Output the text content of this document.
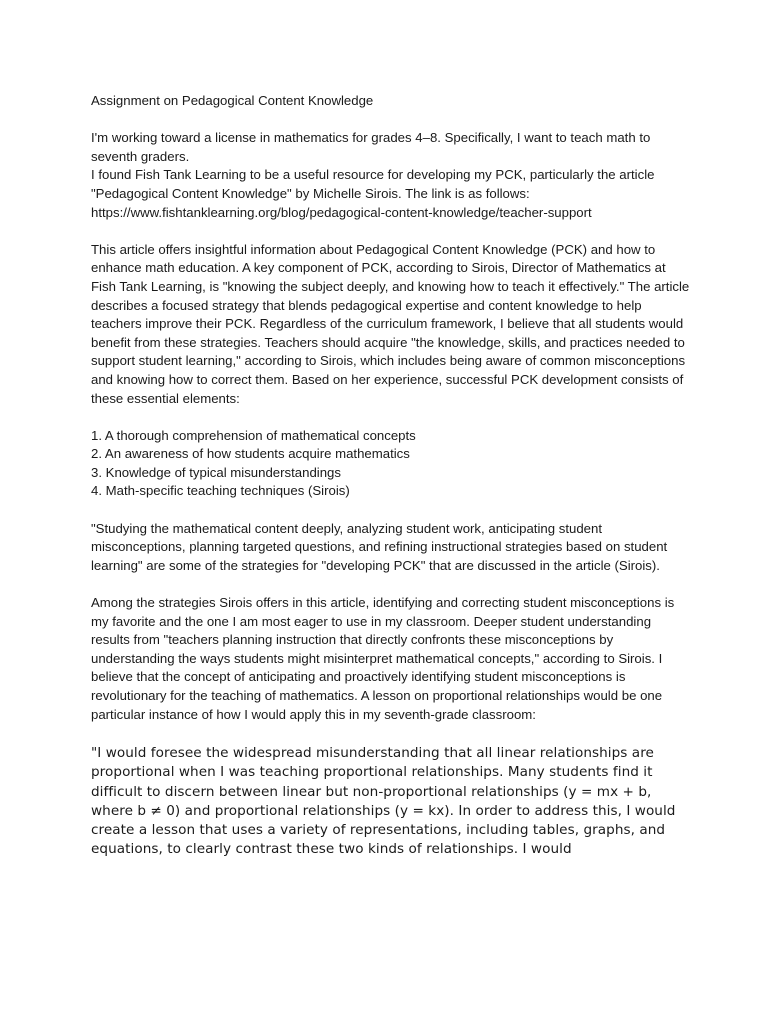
Assignment on Pedagogical Content Knowledge

I'm working toward a license in mathematics for grades 4–8. Specifically, I want to teach math to seventh graders.

I found Fish Tank Learning to be a useful resource for developing my PCK, particularly the article "Pedagogical Content Knowledge" by Michelle Sirois. The link is as follows:

https://www.fishtanklearning.org/blog/pedagogical-content-knowledge/teacher-support

This article offers insightful information about Pedagogical Content Knowledge (PCK) and how to enhance math education. A key component of PCK, according to Sirois, Director of Mathematics at Fish Tank Learning, is "knowing the subject deeply, and knowing how to teach it effectively." The article describes a focused strategy that blends pedagogical expertise and content knowledge to help teachers improve their PCK. Regardless of the curriculum framework, I believe that all students would benefit from these strategies. Teachers should acquire "the knowledge, skills, and practices needed to support student learning," according to Sirois, which includes being aware of common misconceptions and knowing how to correct them. Based on her experience, successful PCK development consists of these essential elements:

1. A thorough comprehension of mathematical concepts

2. An awareness of how students acquire mathematics

3. Knowledge of typical misunderstandings

4. Math-specific teaching techniques (Sirois)

"Studying the mathematical content deeply, analyzing student work, anticipating student misconceptions, planning targeted questions, and refining instructional strategies based on student learning" are some of the strategies for "developing PCK" that are discussed in the article (Sirois).

Among the strategies Sirois offers in this article, identifying and correcting student misconceptions is my favorite and the one I am most eager to use in my classroom. Deeper student understanding results from "teachers planning instruction that directly confronts these misconceptions by understanding the ways students might misinterpret mathematical concepts," according to Sirois. I believe that the concept of anticipating and proactively identifying student misconceptions is revolutionary for the teaching of mathematics. A lesson on proportional relationships would be one particular instance of how I would apply this in my seventh-grade classroom:

"I would foresee the widespread misunderstanding that all linear relationships are proportional when I was teaching proportional relationships. Many students find it difficult to discern between linear but non-proportional relationships (y = mx + b, where b ≠ 0) and proportional relationships (y = kx). In order to address this, I would create a lesson that uses a variety of representations, including tables, graphs, and equations, to clearly contrast these two kinds of relationships. I would
